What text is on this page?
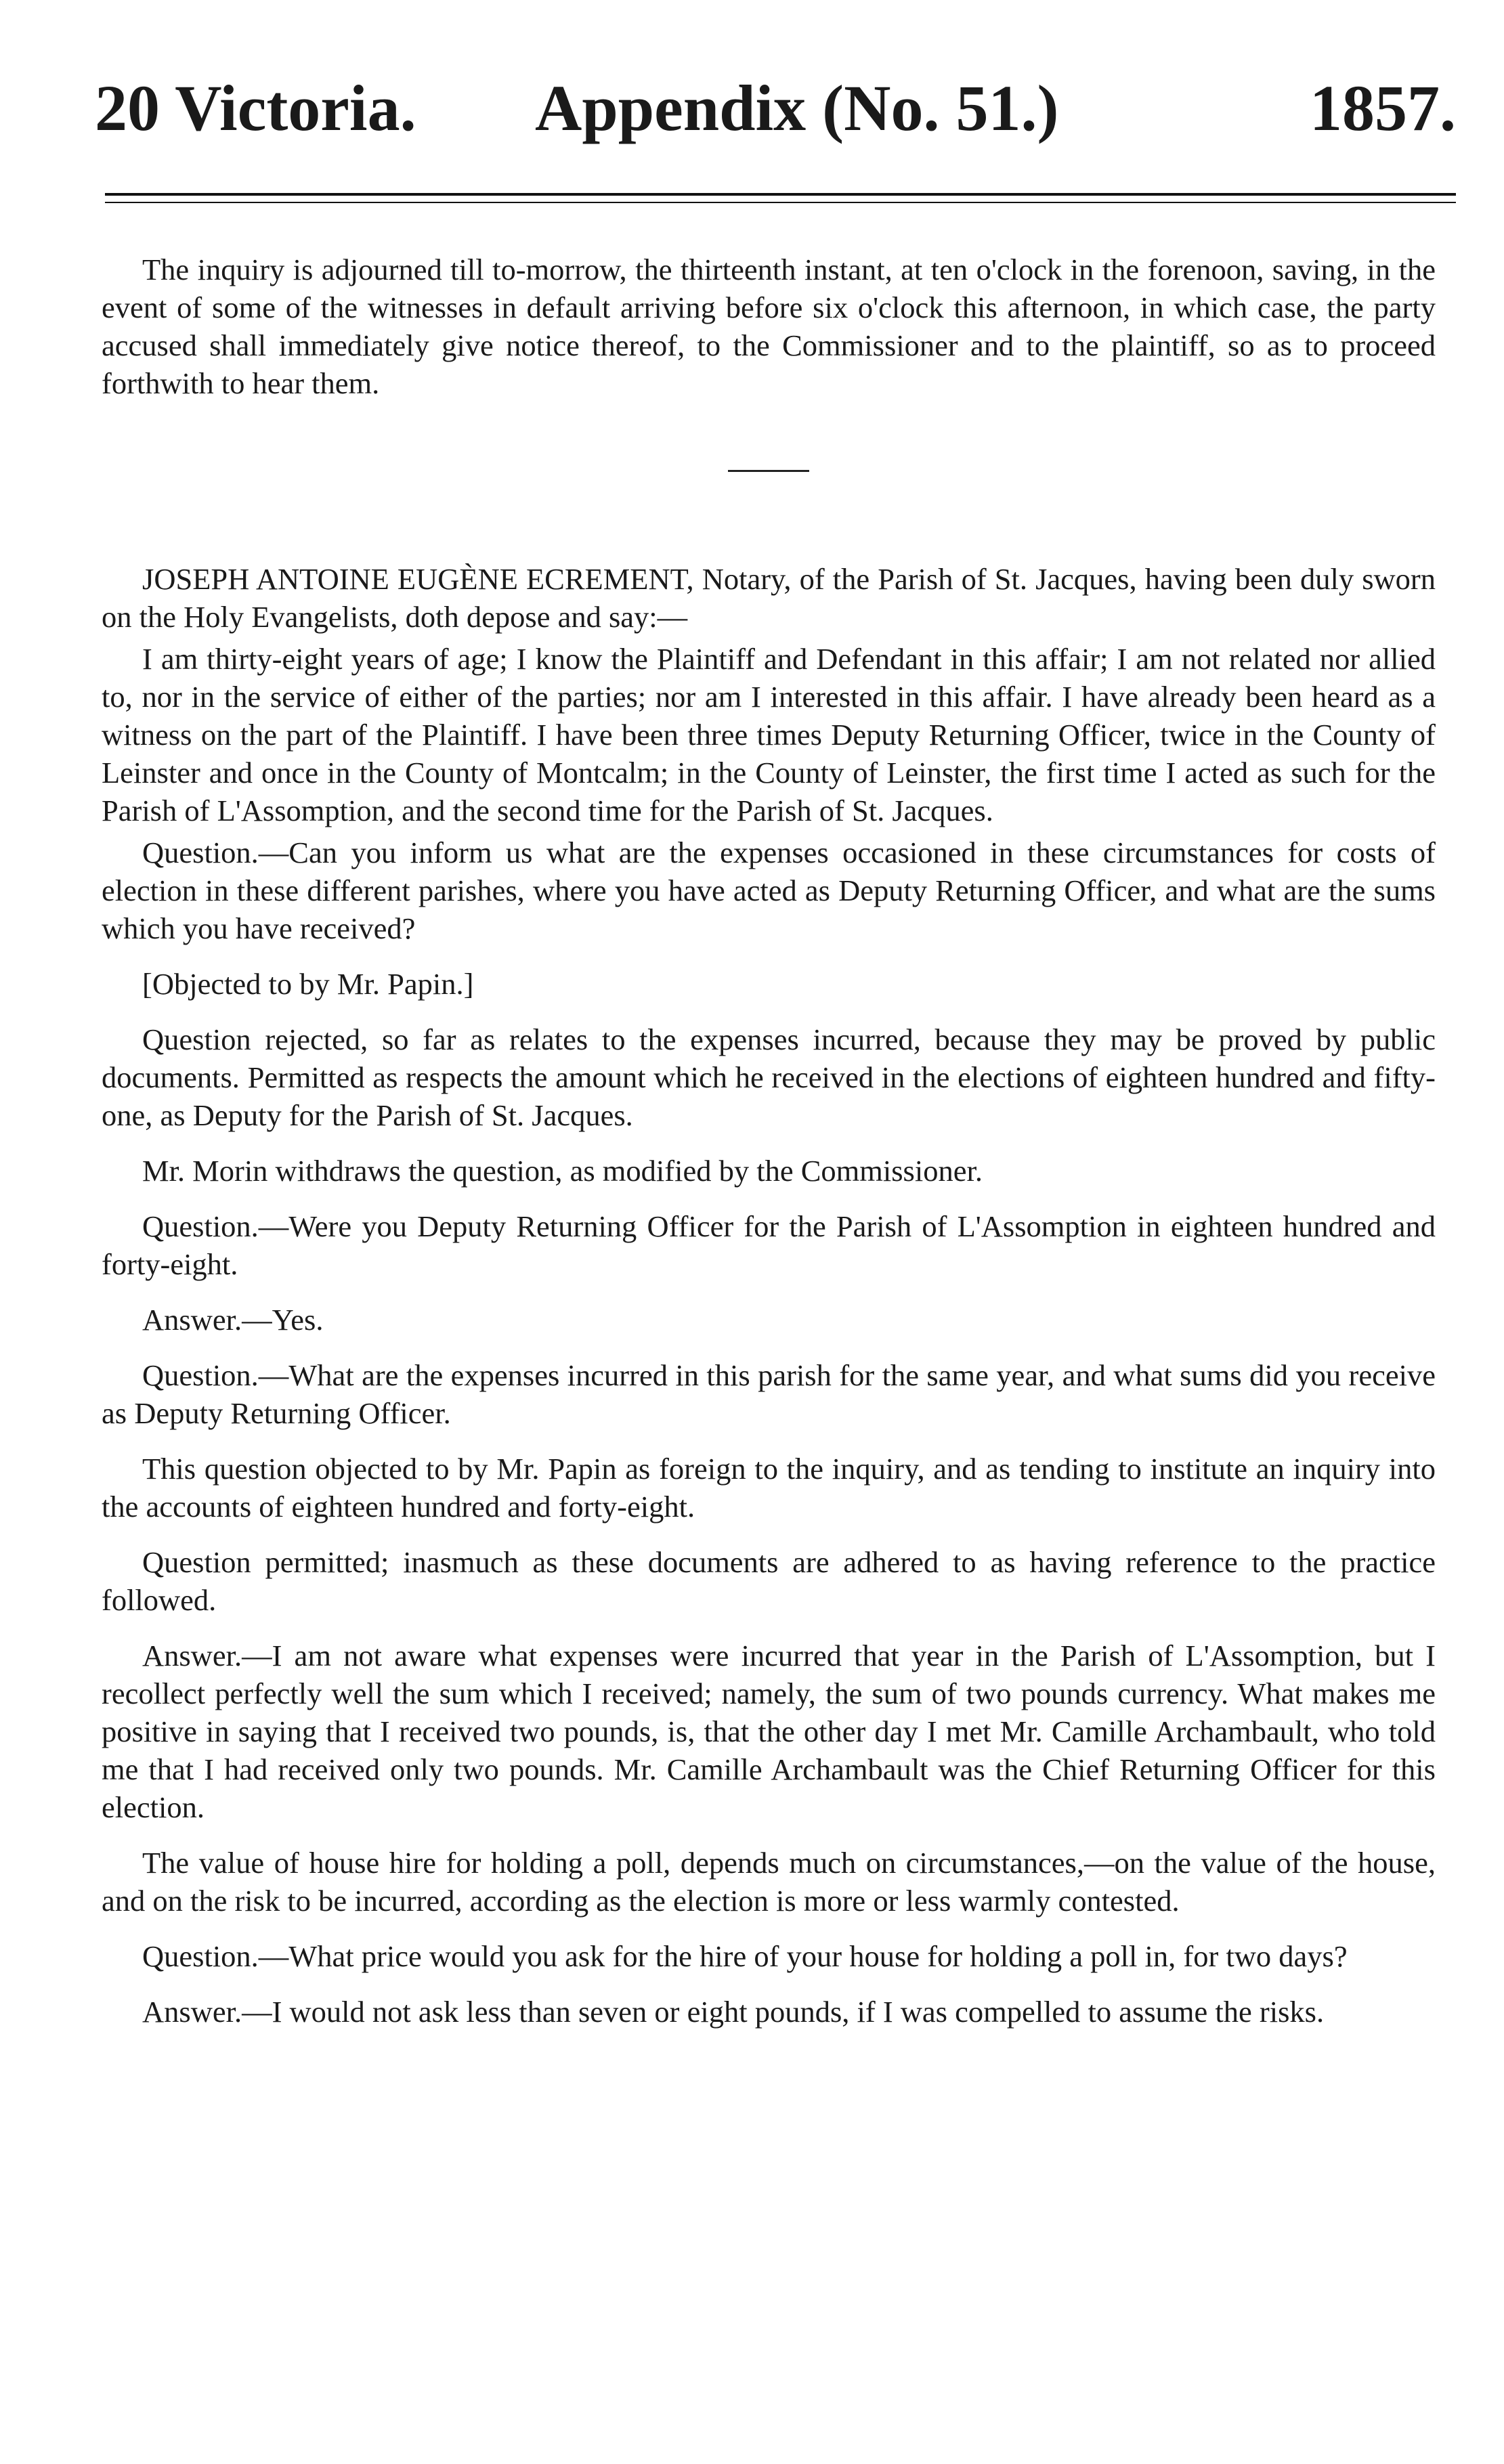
20 Victoria. Appendix (No. 51.)	1857.

The inquiry is adjourned till to-morrow, the thirteenth instant, at ten o'clock in the forenoon, saving, in the event of some of the witnesses in default arriving before six o'clock this afternoon, in which case, the party accused shall immediately give notice thereof, to the Commissioner and to the plaintiff, so as to proceed forthwith to hear them.

JOSEPH ANTOINE EUGÈNE ECREMENT, Notary, of the Parish of St. Jacques, having been duly sworn on the Holy Evangelists, doth depose and say:—

I am thirty-eight years of age; I know the Plaintiff and Defendant in this affair; I am not related nor allied to, nor in the service of either of the parties; nor am I interested in this affair. I have already been heard as a witness on the part of the Plaintiff. I have been three times Deputy Returning Officer, twice in the County of Leinster and once in the County of Montcalm; in the County of Leinster, the first time I acted as such for the Parish of L'Assomption, and the second time for the Parish of St. Jacques.

Question.—Can you inform us what are the expenses occasioned in these circumstances for costs of election in these different parishes, where you have acted as Deputy Returning Officer, and what are the sums which you have received?

[Objected to by Mr. Papin.]

Question rejected, so far as relates to the expenses incurred, because they may be proved by public documents. Permitted as respects the amount which he received in the elections of eighteen hundred and fifty-one, as Deputy for the Parish of St. Jacques.

Mr. Morin withdraws the question, as modified by the Commissioner.

Question.—Were you Deputy Returning Officer for the Parish of L'Assomption in eighteen hundred and forty-eight.

Answer.—Yes.

Question.—What are the expenses incurred in this parish for the same year, and what sums did you receive as Deputy Returning Officer.

This question objected to by Mr. Papin as foreign to the inquiry, and as tending to institute an inquiry into the accounts of eighteen hundred and forty-eight.

Question permitted; inasmuch as these documents are adhered to as having reference to the practice followed.

Answer.—I am not aware what expenses were incurred that year in the Parish of L'Assomption, but I recollect perfectly well the sum which I received; namely, the sum of two pounds currency. What makes me positive in saying that I received two pounds, is, that the other day I met Mr. Camille Archambault, who told me that I had received only two pounds. Mr. Camille Archambault was the Chief Returning Officer for this election.

The value of house hire for holding a poll, depends much on circumstances,—on the value of the house, and on the risk to be incurred, according as the election is more or less warmly contested.

Question.—What price would you ask for the hire of your house for holding a poll in, for two days?

Answer.—I would not ask less than seven or eight pounds, if I was compelled to assume the risks.
